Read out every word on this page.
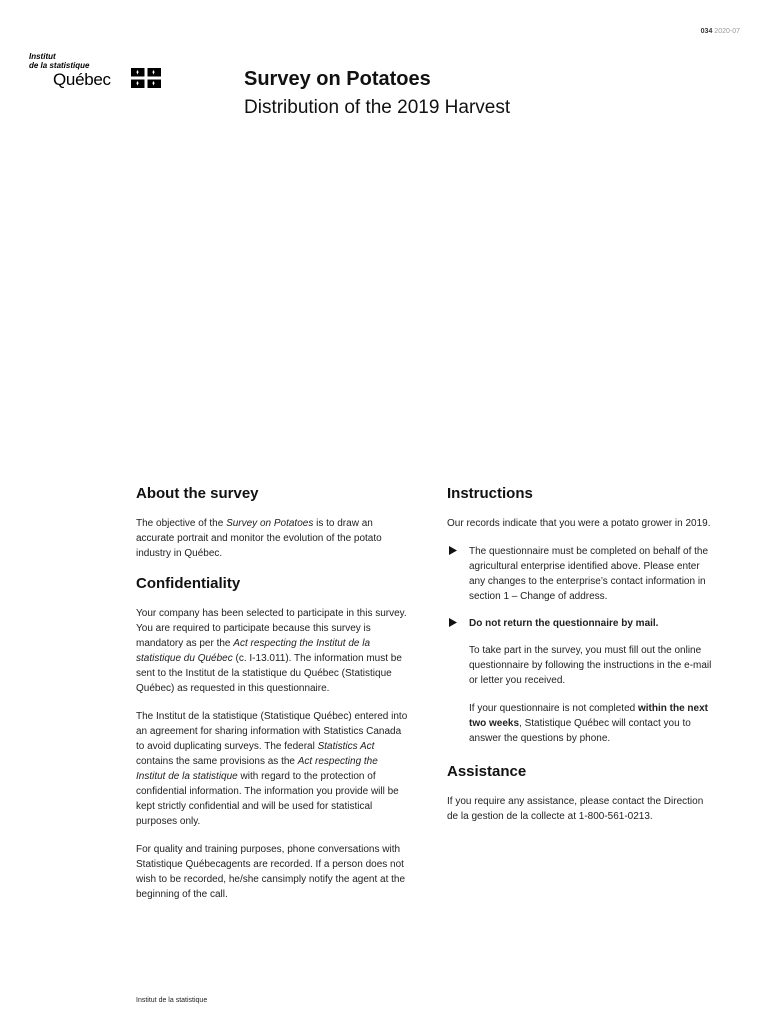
034 2020-07
Institut
de la statistique
Québec	Survey on Potatoes
Distribution of the 2019 Harvest
About the survey

The objective of the Survey on Potatoes is to draw an accurate portrait and monitor the evolution of the potato industry in Québec.

Confidentiality

Your company has been selected to participate in this survey. You are required to participate because this survey is mandatory as per the Act respecting the Institut de la statistique du Québec (c. I-13.011). The information must be sent to the Institut de la statistique du Québec (Statistique Québec) as requested in this questionnaire.

The Institut de la statistique (Statistique Québec) entered into an agreement for sharing information with Statistics Canada to avoid duplicating surveys. The federal Statistics Act contains the same provisions as the Act respecting the Institut de la statistique with regard to the protection of confidential information. The information you provide will be kept strictly confidential and will be used for statistical purposes only.

For quality and training purposes, phone conversations with Statistique Québecagents are recorded. If a person does not wish to be recorded, he/she cansimply notify the agent at the beginning of the call.

Instructions

Our records indicate that you were a potato grower in 2019.

The questionnaire must be completed on behalf of the agricultural enterprise identified above. Please enter any changes to the enterprise’s contact information in section 1 – Change of address.
Do not return the questionnaire by mail.

To take part in the survey, you must fill out the online questionnaire by following the instructions in the e-mail or letter you received.

If your questionnaire is not completed within the next two weeks, Statistique Québec will contact you to answer the questions by phone.

Assistance

If you require any assistance, please contact the Direction de la gestion de la collecte at 1-800-561-0213.

Institut de la statistique
